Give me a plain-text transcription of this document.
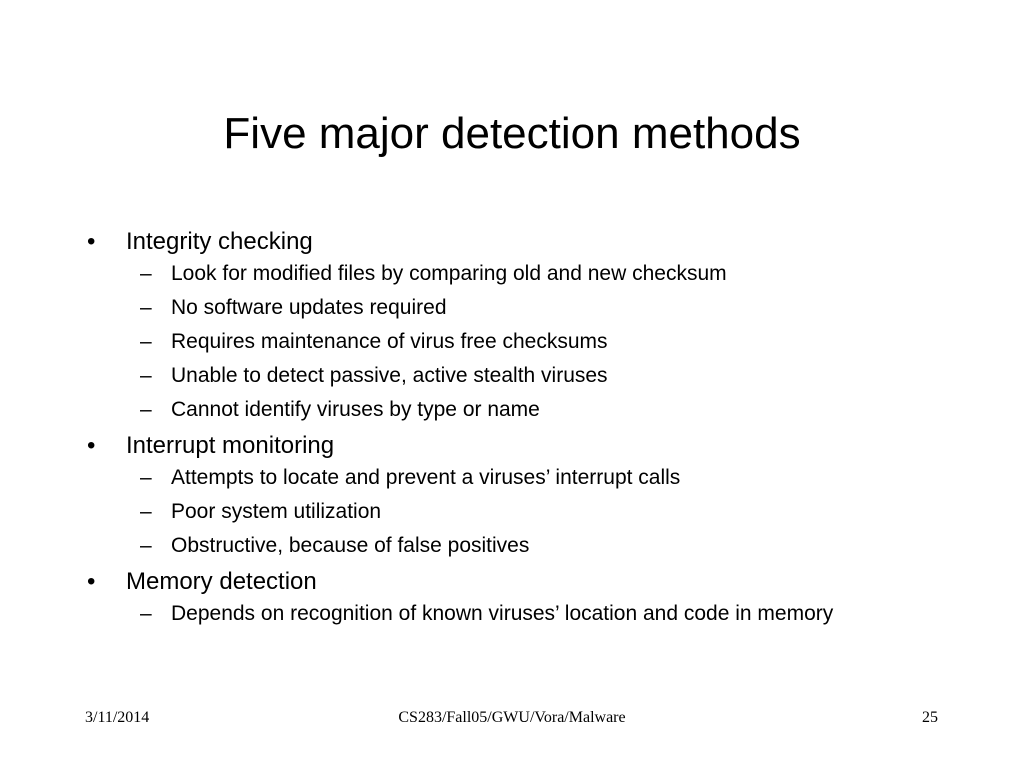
Five major detection methods
• Integrity checking
– Look for modified files by comparing old and new checksum
– No software updates required
– Requires maintenance of virus free checksums
– Unable to detect passive, active stealth viruses
– Cannot identify viruses by type or name
• Interrupt monitoring
– Attempts to locate and prevent a viruses’ interrupt calls
– Poor system utilization
– Obstructive, because of false positives
• Memory detection
– Depends on recognition of known viruses’ location and code in memory
3/11/2014	CS283/Fall05/GWU/Vora/Malware	25
